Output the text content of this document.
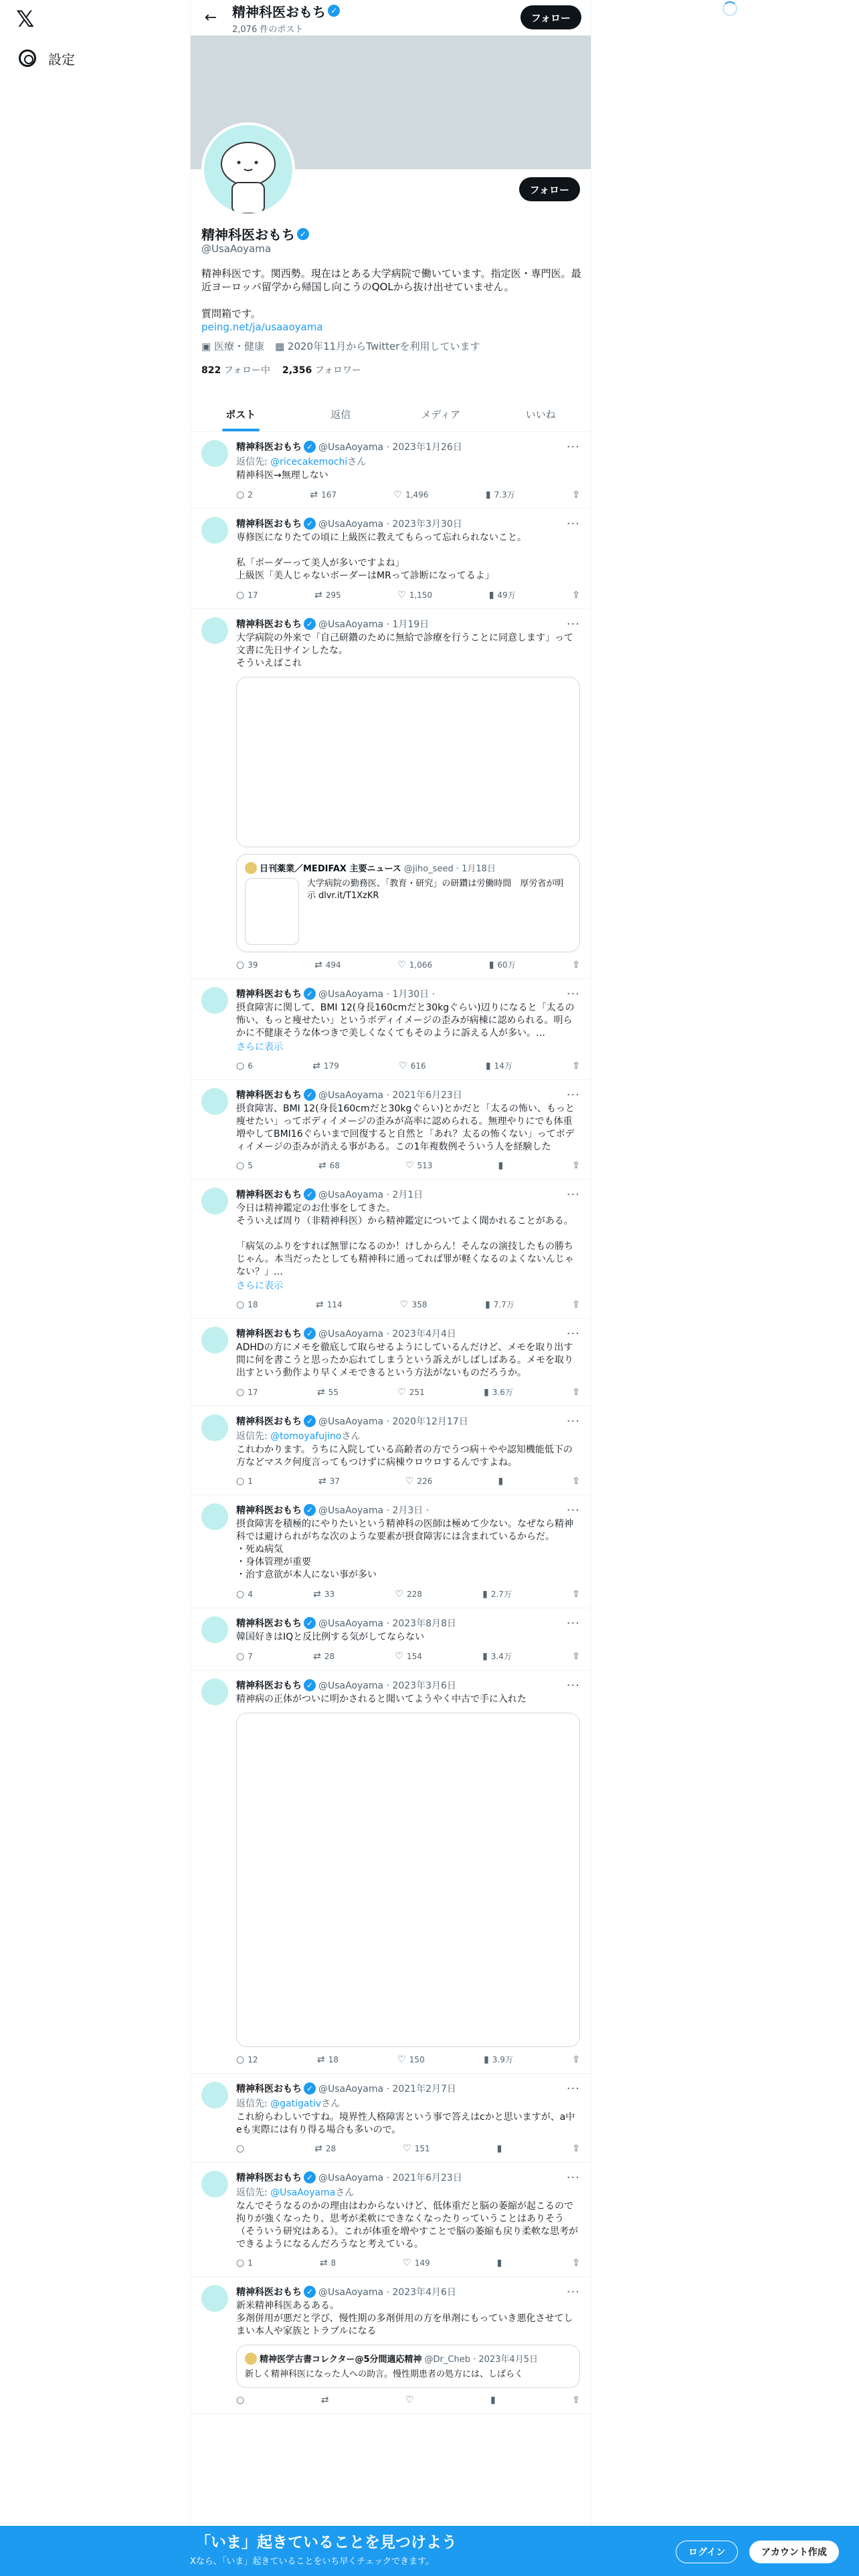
𝕏
設定
←	精神科医おもち ✓
2,076 件のポスト
フォロー
フォロー
精神科医おもち ✓
@UsaAoyama

精神科医です。関西勢。現在はとある大学病院で働いています。指定医・専門医。最近ヨーロッパ留学から帰国し向こうのQOLから抜け出せていません。

質問箱です。
peing.net/ja/usaaoyama
▣ 医療・健康 ▦ 2020年11月からTwitterを利用しています
822 フォロー中 2,356 フォロワー
ポスト	返信	メディア	いいね
精神科医おもち ✓ @UsaAoyama · 2023年1月26日
返信先: @ricecakemochiさん
精神科医→無理しない
○ 2	⇄ 167	♡ 1,496	▮ 7.3万	⇪
···
精神科医おもち ✓ @UsaAoyama · 2023年3月30日
専修医になりたての頃に上級医に教えてもらって忘れられないこと。

私「ボーダーって美人が多いですよね」
上級医「美人じゃないボーダーはMRって診断になってるよ」
○ 17	⇄ 295	♡ 1,150	▮ 49万	⇪
···
精神科医おもち ✓ @UsaAoyama · 1月19日
大学病院の外来で「自己研鑽のために無給で診療を行うことに同意します」って文書に先日サインしたな。
そういえばこれ
日刊薬業／MEDIFAX 主要ニュース @jiho_seed · 1月18日
大学病院の勤務医、「教育・研究」の研鑽は労働時間　厚労省が明示 dlvr.it/T1XzKR
○ 39	⇄ 494	♡ 1,066	▮ 60万	⇪
···
精神科医おもち ✓ @UsaAoyama · 1月30日 ·
摂食障害に関して、BMI 12(身長160cmだと30kgぐらい)辺りになると「太るの怖い、もっと痩せたい」というボディイメージの歪みが病棟に認められる。明らかに不健康そうな体つきで美しくなくてもそのように訴える人が多い。…
さらに表示
○ 6	⇄ 179	♡ 616	▮ 14万	⇪
···
精神科医おもち ✓ @UsaAoyama · 2021年6月23日
摂食障害、BMI 12(身長160cmだと30kgぐらい)とかだと「太るの怖い、もっと痩せたい」ってボディイメージの歪みが高率に認められる。無理やりにでも体重増やしてBMI16ぐらいまで回復すると自然と「あれ？太るの怖くない」ってボディイメージの歪みが消える事がある。この1年複数例そういう人を経験した
○ 5	⇄ 68	♡ 513	▮	⇪
···
精神科医おもち ✓ @UsaAoyama · 2月1日
今日は精神鑑定のお仕事をしてきた。
そういえば周り（非精神科医）から精神鑑定についてよく聞かれることがある。

「病気のふりをすれば無罪になるのか！けしからん！そんなの演技したもの勝ちじゃん。本当だったとしても精神科に通ってれば罪が軽くなるのよくないんじゃない？」…
さらに表示
○ 18	⇄ 114	♡ 358	▮ 7.7万	⇪
···
精神科医おもち ✓ @UsaAoyama · 2023年4月4日
ADHDの方にメモを徹底して取らせるようにしているんだけど、メモを取り出す間に何を書こうと思ったか忘れてしまうという訴えがしばしばある。メモを取り出すという動作より早くメモできるという方法がないものだろうか。
○ 17	⇄ 55	♡ 251	▮ 3.6万	⇪
···
精神科医おもち ✓ @UsaAoyama · 2020年12月17日
返信先: @tomoyafujinoさん
これわかります。うちに入院している高齢者の方でうつ病＋やや認知機能低下の方などマスク何度言ってもつけずに病棟ウロウロするんですよね。
○ 1	⇄ 37	♡ 226	▮	⇪
···
精神科医おもち ✓ @UsaAoyama · 2月3日 ·
摂食障害を積極的にやりたいという精神科の医師は極めて少ない。なぜなら精神科では避けられがちな次のような要素が摂食障害には含まれているからだ。
・死ぬ病気
・身体管理が重要
・治す意欲が本人にない事が多い
○ 4	⇄ 33	♡ 228	▮ 2.7万	⇪
···
精神科医おもち ✓ @UsaAoyama · 2023年8月8日
韓国好きはIQと反比例する気がしてならない
○ 7	⇄ 28	♡ 154	▮ 3.4万	⇪
···
精神科医おもち ✓ @UsaAoyama · 2023年3月6日
精神病の正体がついに明かされると聞いてようやく中古で手に入れた
○ 12	⇄ 18	♡ 150	▮ 3.9万	⇪
···
精神科医おもち ✓ @UsaAoyama · 2021年2月7日
返信先: @gatigativさん
これ紛らわしいですね。境界性人格障害という事で答えはcかと思いますが、a中eも実際には有り得る場合も多いので。
○	⇄ 28	♡ 151	▮	⇪
···
精神科医おもち ✓ @UsaAoyama · 2021年6月23日
返信先: @UsaAoyamaさん
なんでそうなるのかの理由はわからないけど、低体重だと脳の萎縮が起こるので拘りが強くなったり、思考が柔軟にできなくなったりっていうことはありそう（そういう研究はある）。これが体重を増やすことで脳の萎縮も戻り柔軟な思考ができるようになるんだろうなと考えている。
○ 1	⇄ 8	♡ 149	▮	⇪
···
精神科医おもち ✓ @UsaAoyama · 2023年4月6日
新米精神科医あるある。
多剤併用が悪だと学び、慢性期の多剤併用の方を単剤にもっていき悪化させてしまい本人や家族とトラブルになる
精神医学古書コレクター@5分間適応精神 @Dr_Cheb · 2023年4月5日
新しく精神科医になった人への助言。慢性期患者の処方には、しばらく
○	⇄	♡	▮	⇪
···
「いま」起きていることを見つけよう
Xなら、「いま」起きていることをいち早くチェックできます。
ログイン	アカウント作成
